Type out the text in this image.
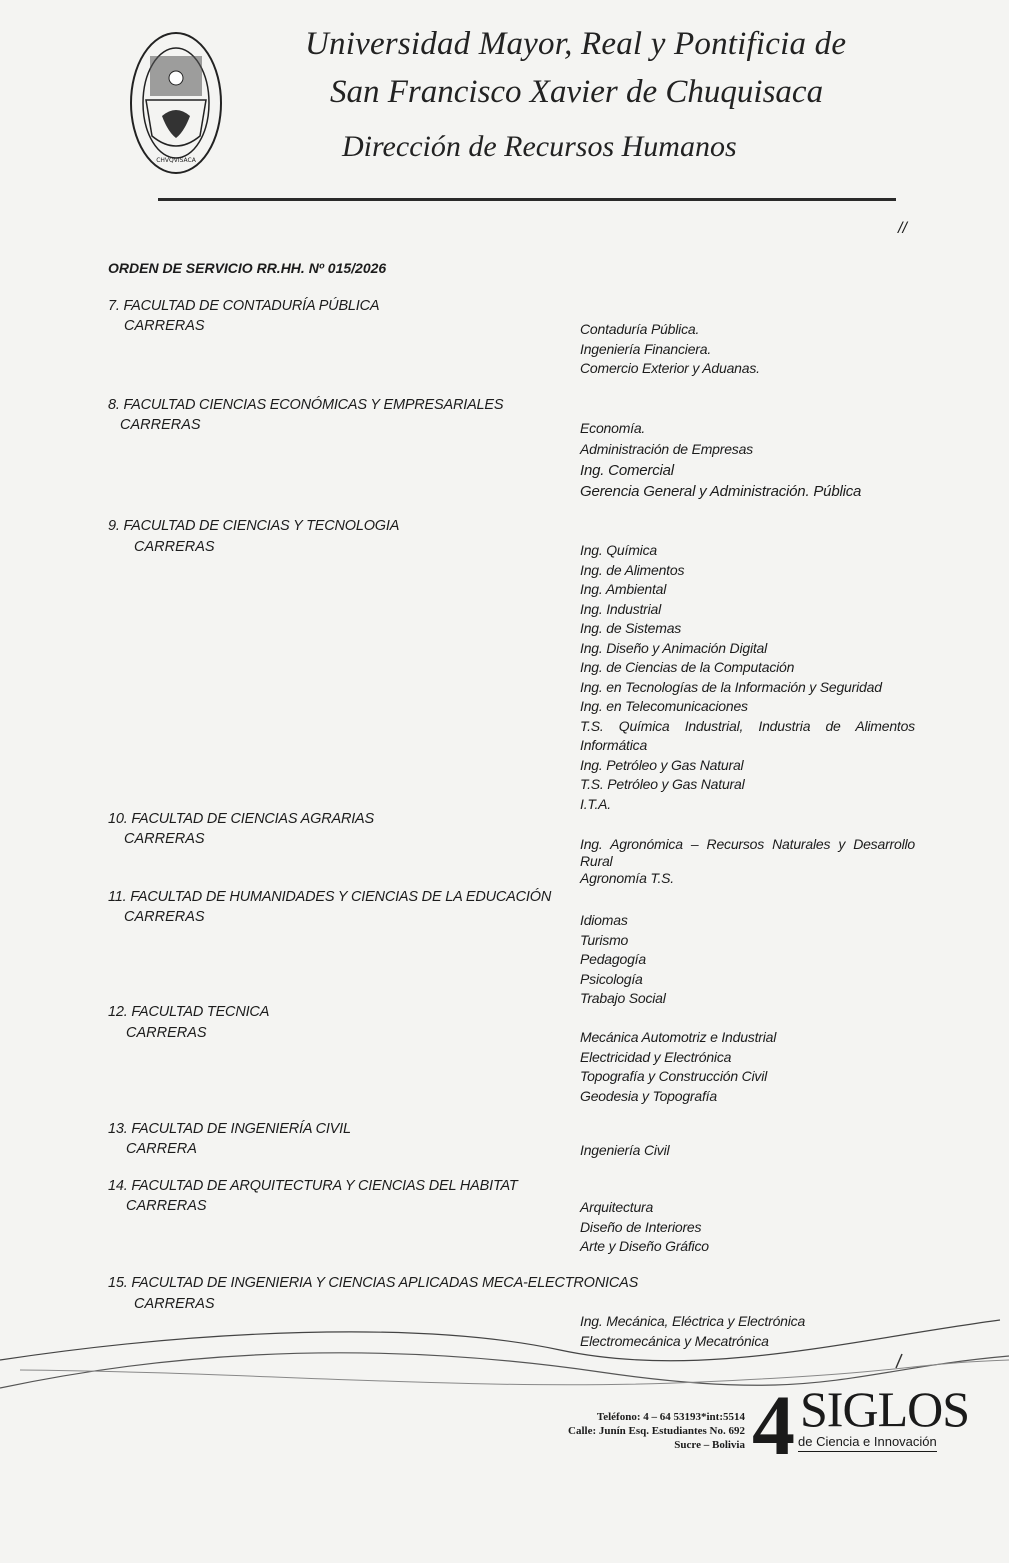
CHVQVISACA
Universidad Mayor, Real y Pontificia de
San Francisco Xavier de Chuquisaca
Dirección de Recursos Humanos
//
ORDEN DE SERVICIO RR.HH. Nº 015/2026
7. FACULTAD DE CONTADURÍA PÚBLICA
CARRERAS	Contaduría Pública.
Ingeniería Financiera.
Comercio Exterior y Aduanas.
8. FACULTAD CIENCIAS ECONÓMICAS Y EMPRESARIALES
CARRERAS	Economía.
Administración de Empresas
Ing. Comercial
Gerencia General y Administración. Pública
9. FACULTAD DE CIENCIAS Y TECNOLOGIA
CARRERAS	Ing. Química
Ing. de Alimentos
Ing. Ambiental
Ing. Industrial
Ing. de Sistemas
Ing. Diseño y Animación Digital
Ing. de Ciencias de la Computación
Ing. en Tecnologías de la Información y Seguridad
Ing. en Telecomunicaciones
T.S. Química Industrial, Industria de Alimentos
Informática
Ing. Petróleo y Gas Natural
T.S. Petróleo y Gas Natural
I.T.A.
10. FACULTAD DE CIENCIAS AGRARIAS
CARRERAS	Ing. Agronómica – Recursos Naturales y Desarrollo
Rural
Agronomía T.S.
11. FACULTAD DE HUMANIDADES Y CIENCIAS DE LA EDUCACIÓN
CARRERAS	Idiomas
Turismo
Pedagogía
Psicología
Trabajo Social
12. FACULTAD TECNICA
CARRERAS	Mecánica Automotriz e Industrial
Electricidad y Electrónica
Topografía y Construcción Civil
Geodesia y Topografía
13. FACULTAD DE INGENIERÍA CIVIL
CARRERA	Ingeniería Civil
14. FACULTAD DE ARQUITECTURA Y CIENCIAS DEL HABITAT
CARRERAS	Arquitectura
Diseño de Interiores
Arte y Diseño Gráfico
15. FACULTAD DE INGENIERIA Y CIENCIAS APLICADAS MECA-ELECTRONICAS
CARRERAS
Ing. Mecánica, Eléctrica y Electrónica
Electromecánica y Mecatrónica
Teléfono: 4 – 64 53193*int:5514
Calle: Junín Esq. Estudiantes No. 692
Sucre – Bolivia 4 SIGLOS
de Ciencia e Innovación
